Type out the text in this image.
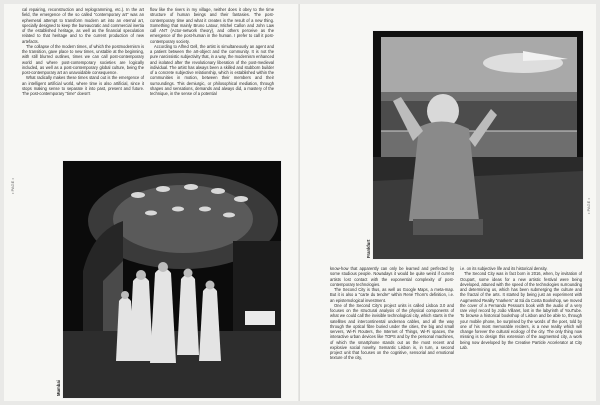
• PAGE •

cal repairing, reconstruction and replogramming, etc.). In the art field, the emergence of the so called "contemporary art" was an ephemeral attempt to transform modern art into an eternal art, specially designed to keep the bureaucratic and commercial inertia of the established heritage, as well as the financial speculation related to that heritage and to the current production of new artefacts.

The collapse of the modern times, of which the postmodernism is the transition, gave place to new times, unstable at the beginning, with still blurred outlines, times we can call post-contemporary world and where post-contemporary societies are logically included, as well as a post-contemporary global culture, being the post-contemporary art an unavoidable consequence.

What radically makes these times stand out is the emergence of an intelligent artificial world, where time is also artificial, since it stops making sense to separate it into past, present and future. The post-contemporary "time" doesn't

flow like the rivers in my village, neither does it obey to the time structure of human beings and their fantasies. The post-contemporary time and what it creates is the result of a new thing. Something that mainly Bruno Latour, Michel Callon and John Law call ANT (Actor-network theory), and others perceive as the emergence of the post-human in the human. I prefer to call it post-contemporary society.

According to Alfred Gell, the artist is simultaneously an agent and a patient between the art-object and the community. It is not the pure narcissistic subjectivity that, in a way, the modernism enhanced and isolated after the revolutionary liberation of the post-medieval individual. The artist has always been a skilled and stubborn builder of a concrete subjective relationship, which is established within the communities in motion, between their members and their surroundings. This demiurgic, or philosophical mediation, through shapes and sensations, demands and always did, a mastery of the technique, in the sense of a potential

Mumbai
• PAGE •
Frankfurt

know-how that apparently can only be learned and perfected by some studious people. Nowadays it would be quite weird if current artists lost contact with the exponential complexity of post-contemporary technologies.

The Second City is thus, as well as Google Maps, a meta-map. But it is also a "carte du tendre" within René Thom's definition, i.e. an epistemological investment.

One of the Second City's project units is called Lisboa 3.0 and focuses on the structural analysis of the physical components of what we could call the invisible technological city, which starts in the satellites and intercontinental undersea cables, and all the way through the optical fibre buried under the cities, the big and small servers, Wi-Fi Routers, the Internet of Things, Wi-Fi spaces, the interactive urban devices like TOPS and by the personal machines, of which the smartphone stands out as the most recent and explosive social novelty. Semantic Lisbon is, in turn, a second project unit that focuses on the cognitive, sensorial and emotional texture of the city,

i.e. on its subjective life and its historical density.

The Second City was in fact born in 2016, when, by invitation of Ocupart, some ideas for a new artistic festival were being developed, attuned with the speed of the technologies surrounding and determining us, which has been submerging the culture and the fractal of the arts. It started by being just an experiment with Augmented Reality "markers" at Sá da Costa Bookshop, we moved the cover of a Fernando Pessoa's book with the audio of a very rare vinyl record by João Villaret, lost in the labyrinth of YouTube. To browse a historical bookshop of Lisbon and be able to, through your mobile phone, be surprised by the words of the poet, told by one of his most memorable reciters, is a new reality which will change forever the cultural ecology of the city. The only thing now missing is to design this extension of the augmented city, a work being now developed by the Creative Particle Accelerator at City Lab.
